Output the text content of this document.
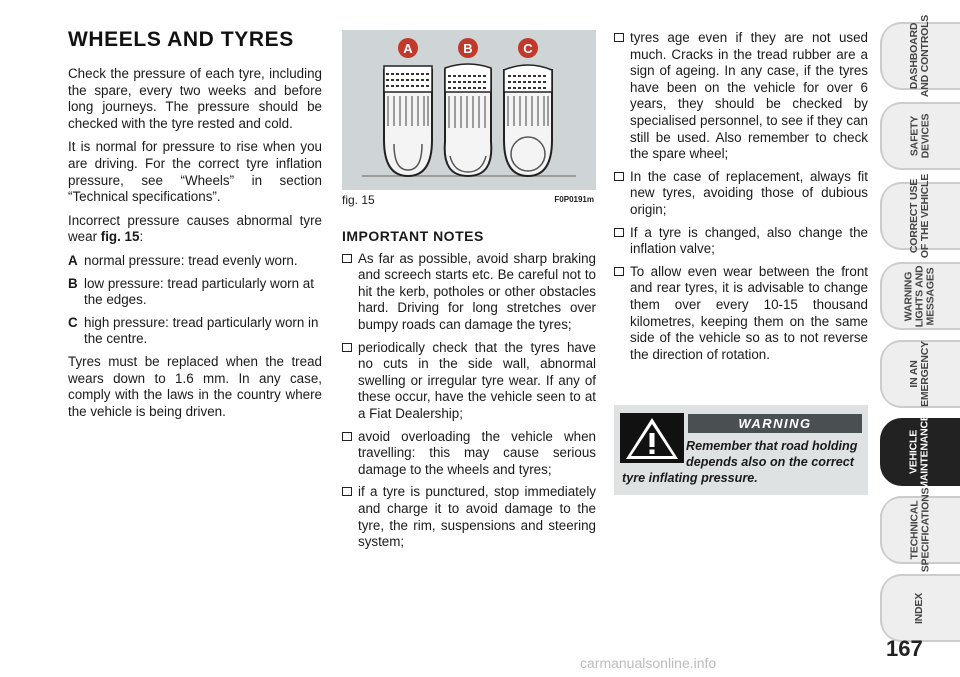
WHEELS AND TYRES

Check the pressure of each tyre, including the spare, every two weeks and before long journeys. The pressure should be checked with the tyre rested and cold.

It is normal for pressure to rise when you are driving. For the correct tyre inflation pressure, see “Wheels” in section “Technical specifications”.

Incorrect pressure causes abnormal tyre wear fig. 15:

A normal pressure: tread evenly worn.
B low pressure: tread particularly worn at the edges.
C high pressure: tread particularly worn in the centre.

Tyres must be replaced when the tread wears down to 1.6 mm. In any case, comply with the laws in the country where the vehicle is being driven.

A	B	C
fig. 15	F0P0191m
IMPORTANT NOTES
As far as possible, avoid sharp braking and screech starts etc. Be careful not to hit the kerb, potholes or other obstacles hard. Driving for long stretches over bumpy roads can damage the tyres;
periodically check that the tyres have no cuts in the side wall, abnormal swelling or irregular tyre wear. If any of these occur, have the vehicle seen to at a Fiat Dealership;
avoid overloading the vehicle when travelling: this may cause serious damage to the wheels and tyres;
if a tyre is punctured, stop immediately and charge it to avoid damage to the tyre, the rim, suspensions and steering system;
tyres age even if they are not used much. Cracks in the tread rubber are a sign of ageing. In any case, if the tyres have been on the vehicle for over 6 years, they should be checked by specialised personnel, to see if they can still be used. Also remember to check the spare wheel;
In the case of replacement, always fit new tyres, avoiding those of dubious origin;
If a tyre is changed, also change the inflation valve;
To allow even wear between the front and rear tyres, it is advisable to change them over every 10-15 thousand kilometres, keeping them on the same side of the vehicle so as to not reverse the direction of rotation.
WARNING
Remember that road holding
depends also on the correct
tyre inflating pressure.
DASHBOARD AND CONTROLS
SAFETY DEVICES
CORRECT USE OF THE VEHICLE
WARNING LIGHTS AND MESSAGES
IN AN EMERGENCY
VEHICLE MAINTENANCE
TECHNICAL SPECIFICATIONS
INDEX
167
carmanualsonline.info
